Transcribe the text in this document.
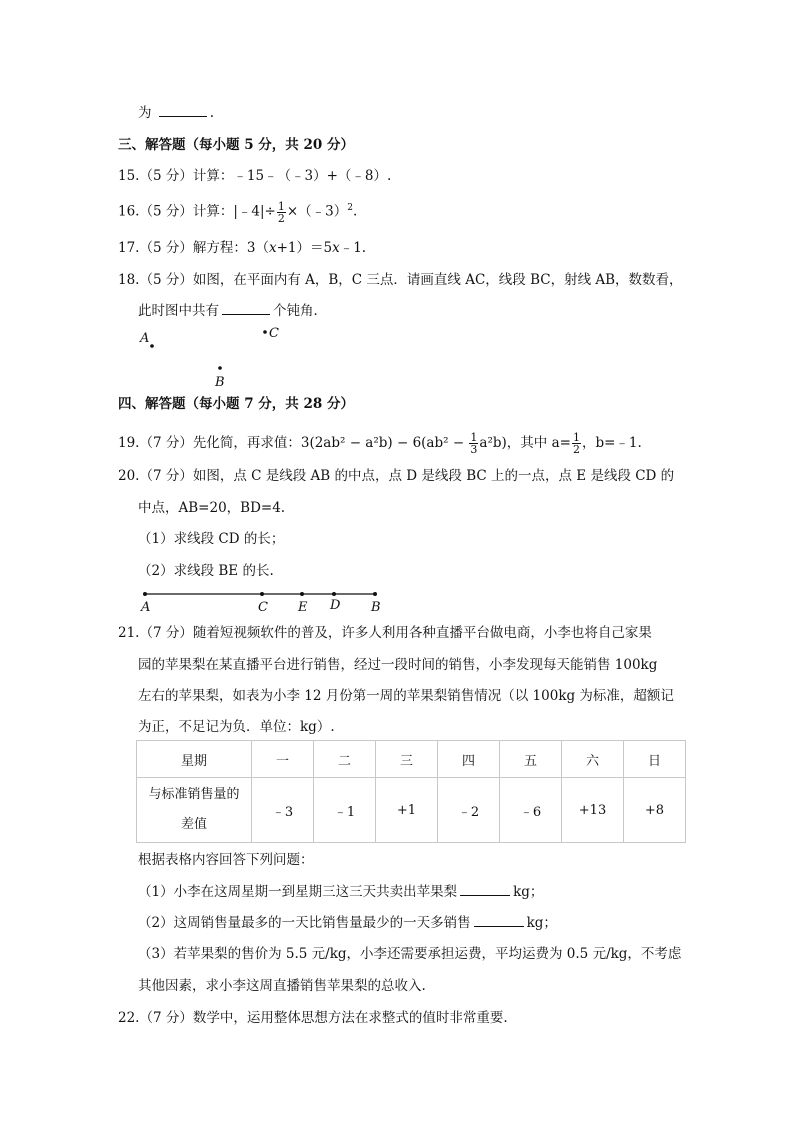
为	.
三、解答题（每小题 5 分，共 20 分）
15.（5 分）计算：﹣15﹣（﹣3）+（﹣8）.
16.（5 分）计算：|﹣4|÷ $\frac{1}{2}$ ×（﹣3）$^2$.
17.（5 分）解方程：3（x+1）＝5x﹣1.
18.（5 分）如图，在平面内有 A，B，C 三点．请画直线 AC，线段 BC，射线 AB，数数看，
此时图中共有	个钝角．
A	C
B
四、解答题（每小题 7 分，共 28 分）
19.（7 分）先化简，再求值：$3(2ab^2 - a^2b) - 6(ab^2 - \frac{1}{3} a^2b)$，其中 $a= \frac{1}{2}$ ，b=﹣1.
20.（7 分）如图，点 C 是线段 AB 的中点，点 D 是线段 BC 上的一点，点 E 是线段 CD 的
中点，AB=20，BD=4.
（1）求线段 CD 的长；
（2）求线段 BE 的长.
A	C E D B
21.（7 分）随着短视频软件的普及，许多人利用各种直播平台做电商，小李也将自己家果
园的苹果梨在某直播平台进行销售，经过一段时间的销售，小李发现每天能销售 100kg
左右的苹果梨，如表为小李 12 月份第一周的苹果梨销售情况（以 100kg 为标准，超额记
为正，不足记为负．单位：kg）.
星期	一	二	三	四	五	六	日

与标准销售量的
差值	﹣3	﹣1	+1	﹣2	﹣6	+13	+8
根据表格内容回答下列问题：
（1）小李在这周星期一到星期三这三天共卖出苹果梨	kg；
（2）这周销售量最多的一天比销售量最少的一天多销售	kg；
（3）若苹果梨的售价为 5.5 元/kg，小李还需要承担运费，平均运费为 0.5 元/kg，不考虑
其他因素，求小李这周直播销售苹果梨的总收入.
22.（7 分）数学中，运用整体思想方法在求整式的值时非常重要.
